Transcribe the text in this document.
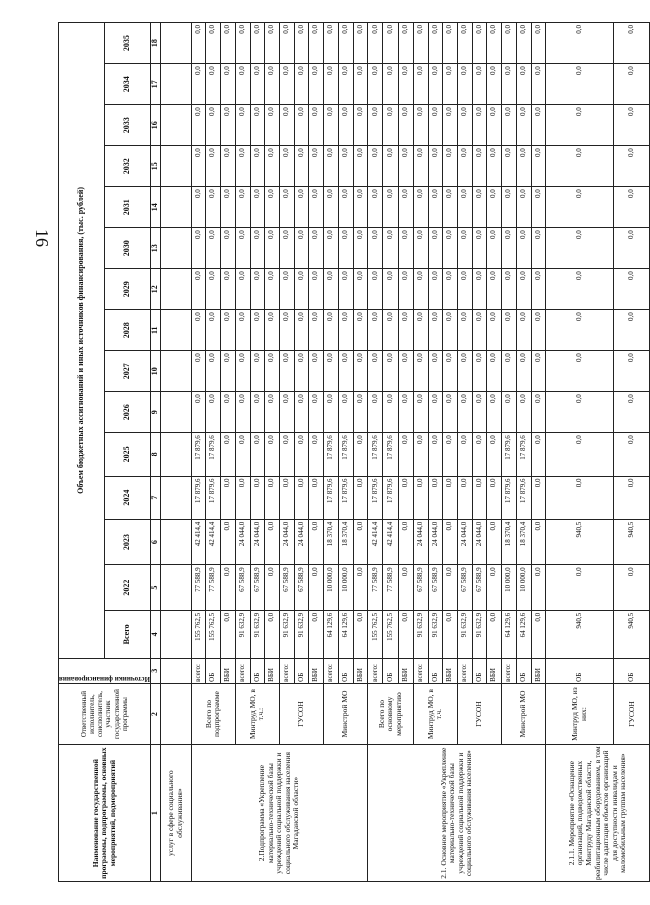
16
Наименование государственной программы, подпрограммы, основных мероприятий, подмероприятий	Ответственный исполнитель, соисполнитель, участник государственной программы	Источники финансирования	Объем бюджетных ассигнований и иных источников финансирования, (тыс. рублей)														
			Всего	2022	2023	2024	2025	2026	2027	2028	2029	2030	2031	2032	2033	2034	2035
1	2	3	4	5	6	7	8	9	10	11	12	13	14	15	16	17	18
услуг в сфере социального обслуживания»																	
2.Подпрограмма «Укрепление материально-технической базы учреждений социальной поддержки и социального обслуживания населения Магаданской области»	Всего по подпрограмме	всего:	155 762,5	77 588,9	42 414,4	17 879,6	17 879,6	0,0	0,0	0,0	0,0	0,0	0,0	0,0	0,0	0,0	0,0
		ОБ	155 762,5	77 588,9	42 414,4	17 879,6	17 879,6	0,0	0,0	0,0	0,0	0,0	0,0	0,0	0,0	0,0	0,0
		ВБИ	0,0	0,0	0,0	0,0	0,0	0,0	0,0	0,0	0,0	0,0	0,0	0,0	0,0	0,0	0,0
	Минтруд МО, в т.ч.:	всего:	91 632,9	67 588,9	24 044,0	0,0	0,0	0,0	0,0	0,0	0,0	0,0	0,0	0,0	0,0	0,0	0,0
		ОБ	91 632,9	67 588,9	24 044,0	0,0	0,0	0,0	0,0	0,0	0,0	0,0	0,0	0,0	0,0	0,0	0,0
		ВБИ	0,0	0,0	0,0	0,0	0,0	0,0	0,0	0,0	0,0	0,0	0,0	0,0	0,0	0,0	0,0
	ГУСОН	всего:	91 632,9	67 588,9	24 044,0	0,0	0,0	0,0	0,0	0,0	0,0	0,0	0,0	0,0	0,0	0,0	0,0
		ОБ	91 632,9	67 588,9	24 044,0	0,0	0,0	0,0	0,0	0,0	0,0	0,0	0,0	0,0	0,0	0,0	0,0
		ВБИ	0,0	0,0	0,0	0,0	0,0	0,0	0,0	0,0	0,0	0,0	0,0	0,0	0,0	0,0	0,0
	Минстрой МО	всего:	64 129,6	10 000,0	18 370,4	17 879,6	17 879,6	0,0	0,0	0,0	0,0	0,0	0,0	0,0	0,0	0,0	0,0
		ОБ	64 129,6	10 000,0	18 370,4	17 879,6	17 879,6	0,0	0,0	0,0	0,0	0,0	0,0	0,0	0,0	0,0	0,0
		ВБИ	0,0	0,0	0,0	0,0	0,0	0,0	0,0	0,0	0,0	0,0	0,0	0,0	0,0	0,0	0,0
2.1. Основное мероприятие «Укрепление материально-технической базы учреждений социальной поддержки и социального обслуживания населения»	Всего по основному мероприятию	всего:	155 762,5	77 588,9	42 414,4	17 879,6	17 879,6	0,0	0,0	0,0	0,0	0,0	0,0	0,0	0,0	0,0	0,0
		ОБ	155 762,5	77 588,9	42 414,4	17 879,6	17 879,6	0,0	0,0	0,0	0,0	0,0	0,0	0,0	0,0	0,0	0,0
		ВБИ	0,0	0,0	0,0	0,0	0,0	0,0	0,0	0,0	0,0	0,0	0,0	0,0	0,0	0,0	0,0
	Минтруд МО, в т.ч.	всего:	91 632,9	67 588,9	24 044,0	0,0	0,0	0,0	0,0	0,0	0,0	0,0	0,0	0,0	0,0	0,0	0,0
		ОБ	91 632,9	67 588,9	24 044,0	0,0	0,0	0,0	0,0	0,0	0,0	0,0	0,0	0,0	0,0	0,0	0,0
		ВБИ	0,0	0,0	0,0	0,0	0,0	0,0	0,0	0,0	0,0	0,0	0,0	0,0	0,0	0,0	0,0
	ГУСОН	всего:	91 632,9	67 588,9	24 044,0	0,0	0,0	0,0	0,0	0,0	0,0	0,0	0,0	0,0	0,0	0,0	0,0
		ОБ	91 632,9	67 588,9	24 044,0	0,0	0,0	0,0	0,0	0,0	0,0	0,0	0,0	0,0	0,0	0,0	0,0
		ВБИ	0,0	0,0	0,0	0,0	0,0	0,0	0,0	0,0	0,0	0,0	0,0	0,0	0,0	0,0	0,0
	Минстрой МО	всего:	64 129,6	10 000,0	18 370,4	17 879,6	17 879,6	0,0	0,0	0,0	0,0	0,0	0,0	0,0	0,0	0,0	0,0
		ОБ	64 129,6	10 000,0	18 370,4	17 879,6	17 879,6	0,0	0,0	0,0	0,0	0,0	0,0	0,0	0,0	0,0	0,0
		ВБИ	0,0	0,0	0,0	0,0	0,0	0,0	0,0	0,0	0,0	0,0	0,0	0,0	0,0	0,0	0,0
2.1.1. Мероприятие «Оснащение организаций, подведомственных Минтруду Магаданской области, реабилитационным оборудованием, в том числе адаптация объектов организаций для доступности инвалидам и маломобильным группам населения»	Минтруд МО, из них:	ОБ	940,5	0,0	940,5	0,0	0,0	0,0	0,0	0,0	0,0	0,0	0,0	0,0	0,0	0,0	0,0
	ГУСОН	ОБ	940,5	0,0	940,5	0,0	0,0	0,0	0,0	0,0	0,0	0,0	0,0	0,0	0,0	0,0	0,0
